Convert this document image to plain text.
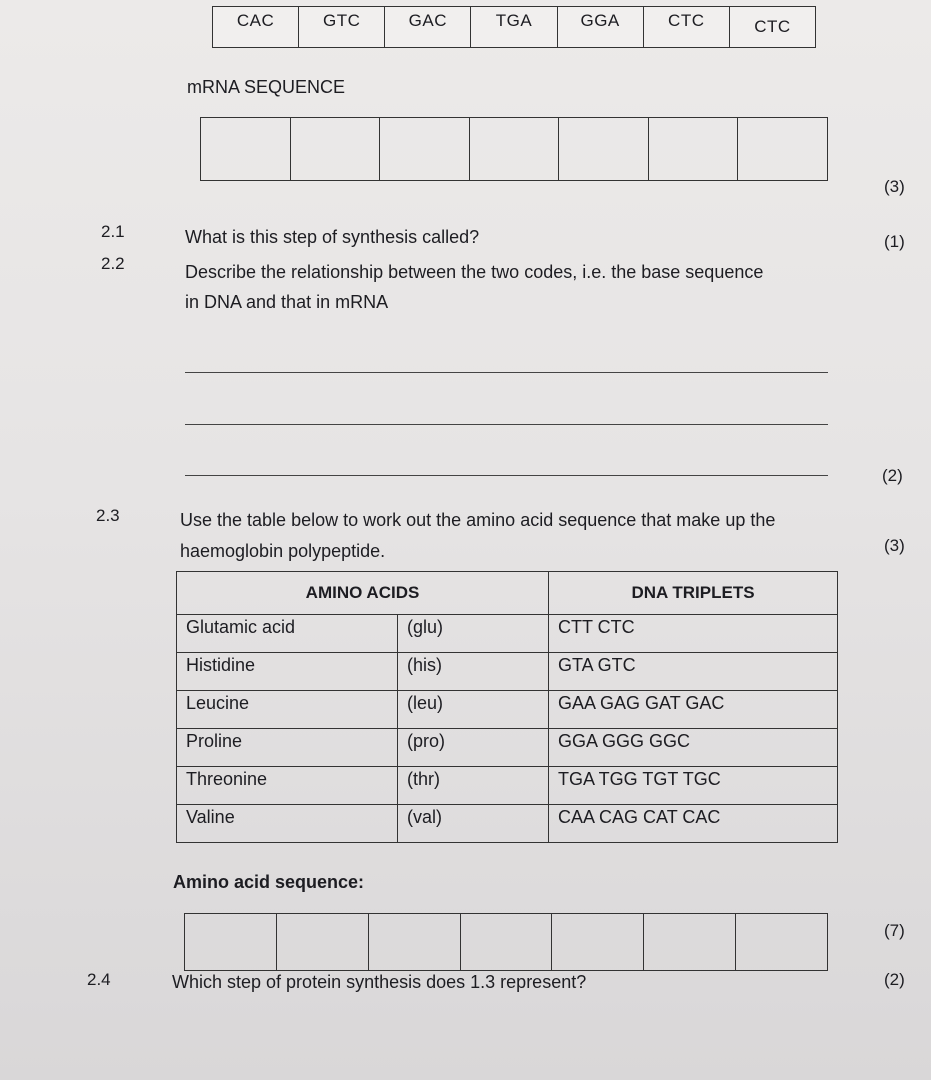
CAC	GTC	GAC	TGA	GGA	CTC	CTC
mRNA SEQUENCE
(3)
2.1	What is this step of synthesis called?	(1)
2.2	Describe the relationship between the two codes, i.e. the base sequence
in DNA and that in mRNA
(2)
2.3	Use the table below to work out the amino acid sequence that make up the
haemoglobin polypeptide.	(3)
AMINO ACIDS		DNA TRIPLETS
Glutamic acid	(glu)	CTT CTC
Histidine	(his)	GTA GTC
Leucine	(leu)	GAA GAG GAT GAC
Proline	(pro)	GGA GGG GGC
Threonine	(thr)	TGA TGG TGT TGC
Valine	(val)	CAA CAG CAT CAC
Amino acid sequence:
(7)
2.4	Which step of protein synthesis does 1.3 represent?	(2)
